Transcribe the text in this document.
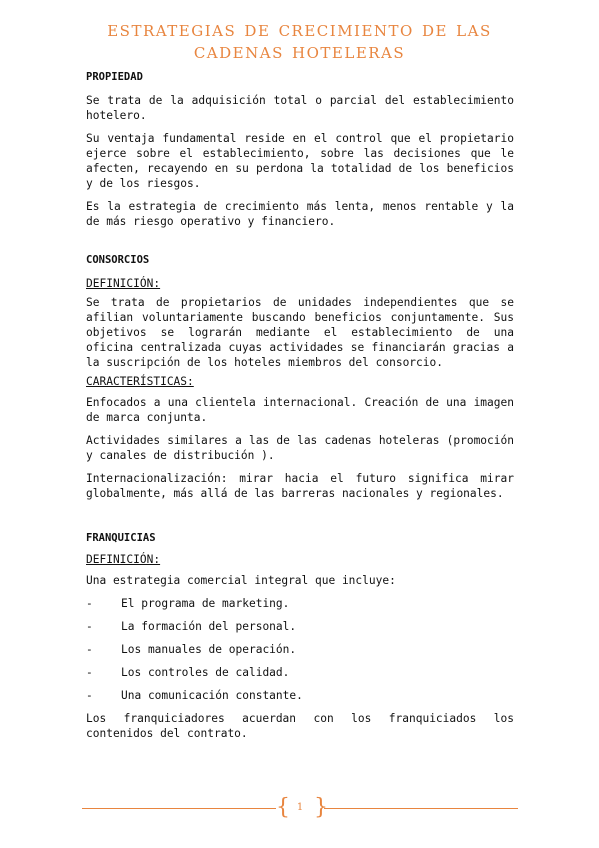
estrategias de crecimiento de las
cadenas hoteleras

PROPIEDAD

Se trata de la adquisición total o parcial del establecimiento hotelero.

Su ventaja fundamental reside en el control que el propietario ejerce sobre el establecimiento, sobre las decisiones que le afecten, recayendo en su perdona la totalidad de los beneficios y de los riesgos.

Es la estrategia de crecimiento más lenta, menos rentable y la de más riesgo operativo y financiero.

CONSORCIOS

DEFINICIÓN:

Se trata de propietarios de unidades independientes que se afilian voluntariamente buscando beneficios conjuntamente. Sus objetivos se lograrán mediante el establecimiento de una oficina centralizada cuyas actividades se financiarán gracias a la suscripción de los hoteles miembros del consorcio.

CARACTERÍSTICAS:

Enfocados a una clientela internacional. Creación de una imagen de marca conjunta.

Actividades similares a las de las cadenas hoteleras (promoción y canales de distribución ).

Internacionalización: mirar hacia el futuro significa mirar globalmente, más allá de las barreras nacionales y regionales.

FRANQUICIAS

DEFINICIÓN:

Una estrategia comercial integral que incluye:

-	El programa de marketing.
-	La formación del personal.
-	Los manuales de operación.
-	Los controles de calidad.
-	Una comunicación constante.

Los franquiciadores acuerdan con los franquiciados los contenidos del contrato.

{ }
1
